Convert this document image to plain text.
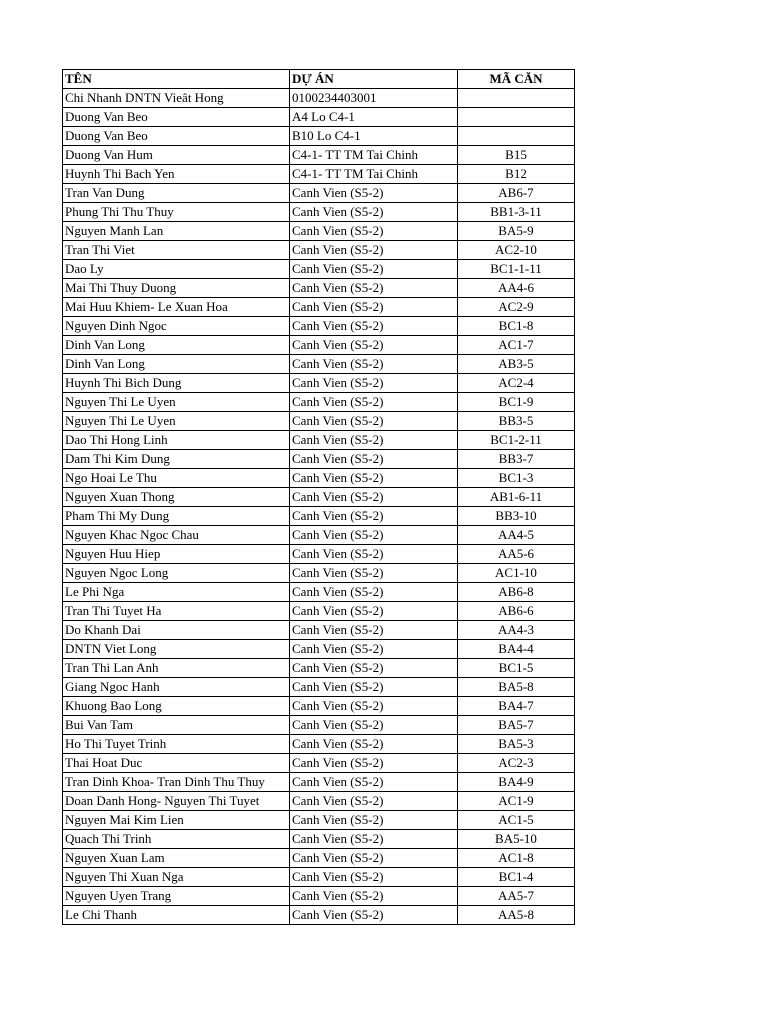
TÊN	DỰ ÁN	MÃ CĂN
Chi Nhanh DNTN Vieât Hong	0100234403001	
Duong Van Beo	A4 Lo C4-1	
Duong Van Beo	B10 Lo C4-1	
Duong Van Hum	C4-1- TT TM Tai Chinh	B15
Huynh Thi Bach Yen	C4-1- TT TM Tai Chinh	B12
Tran Van Dung	Canh Vien (S5-2)	AB6-7
Phung Thi Thu Thuy	Canh Vien (S5-2)	BB1-3-11
Nguyen Manh Lan	Canh Vien (S5-2)	BA5-9
Tran Thi Viet	Canh Vien (S5-2)	AC2-10
Dao Ly	Canh Vien (S5-2)	BC1-1-11
Mai Thi Thuy Duong	Canh Vien (S5-2)	AA4-6
Mai Huu Khiem- Le Xuan Hoa	Canh Vien (S5-2)	AC2-9
Nguyen Dinh Ngoc	Canh Vien (S5-2)	BC1-8
Dinh Van Long	Canh Vien (S5-2)	AC1-7
Dinh Van Long	Canh Vien (S5-2)	AB3-5
Huynh Thi Bich Dung	Canh Vien (S5-2)	AC2-4
Nguyen Thi Le Uyen	Canh Vien (S5-2)	BC1-9
Nguyen Thi Le Uyen	Canh Vien (S5-2)	BB3-5
Dao Thi Hong Linh	Canh Vien (S5-2)	BC1-2-11
Dam Thi Kim Dung	Canh Vien (S5-2)	BB3-7
Ngo Hoai Le Thu	Canh Vien (S5-2)	BC1-3
Nguyen Xuan Thong	Canh Vien (S5-2)	AB1-6-11
Pham Thi My Dung	Canh Vien (S5-2)	BB3-10
Nguyen Khac Ngoc Chau	Canh Vien (S5-2)	AA4-5
Nguyen Huu Hiep	Canh Vien (S5-2)	AA5-6
Nguyen Ngoc Long	Canh Vien (S5-2)	AC1-10
Le Phi Nga	Canh Vien (S5-2)	AB6-8
Tran Thi Tuyet Ha	Canh Vien (S5-2)	AB6-6
Do Khanh Dai	Canh Vien (S5-2)	AA4-3
DNTN Viet Long	Canh Vien (S5-2)	BA4-4
Tran Thi Lan Anh	Canh Vien (S5-2)	BC1-5
Giang Ngoc Hanh	Canh Vien (S5-2)	BA5-8
Khuong Bao Long	Canh Vien (S5-2)	BA4-7
Bui Van Tam	Canh Vien (S5-2)	BA5-7
Ho Thi Tuyet Trinh	Canh Vien (S5-2)	BA5-3
Thai Hoat Duc	Canh Vien (S5-2)	AC2-3
Tran Dinh Khoa- Tran Dinh Thu Thuy	Canh Vien (S5-2)	BA4-9
Doan Danh Hong- Nguyen Thi Tuyet	Canh Vien (S5-2)	AC1-9
Nguyen Mai Kim Lien	Canh Vien (S5-2)	AC1-5
Quach Thi Trinh	Canh Vien (S5-2)	BA5-10
Nguyen Xuan Lam	Canh Vien (S5-2)	AC1-8
Nguyen Thi Xuan Nga	Canh Vien (S5-2)	BC1-4
Nguyen Uyen Trang	Canh Vien (S5-2)	AA5-7
Le Chi Thanh	Canh Vien (S5-2)	AA5-8
